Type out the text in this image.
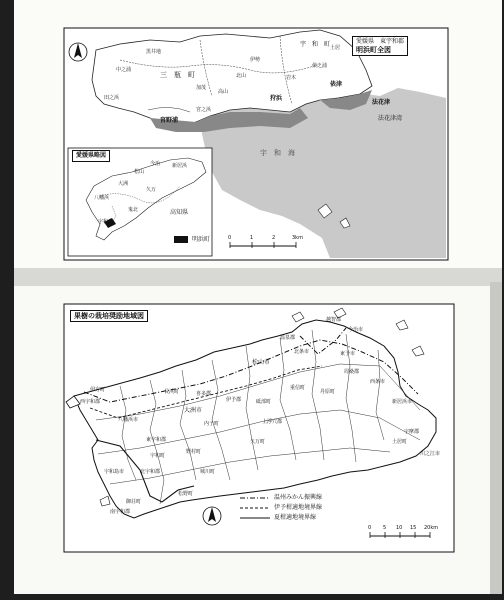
愛媛県　東宇和郡
明浜町全図
三　瓶　町
宇　和　町
宇　和　海
宮野浦
狩浜
俵津
法花津
法花津湾
中之浦
田之浜
加茂
高山
黒井地
伊勢
宮之浜
俵之浦
北山
土居
岩木
愛媛県略図
高知県
明浜町
大洲
八幡浜
宇和島
松山
今治 新居浜
鬼北
久万
0	1	2	3km
果樹の栽培奨励地域図
温州みかん振興線
伊予柑適地境界線
夏柑適地境界線
0 5 10 15 20km
松山市
温泉郡
大洲市
伊予郡
喜多郡
八幡浜市
西宇和郡
東宇和郡
北宇和郡
南宇和郡
宇和島市
上浮穴郡
今治市
越智郡
周桑郡
西条市
新居浜市
宇摩郡
川之江市
北条市
内子町
長浜町
伊方町
野村町
城川町
宇和町
久万町
砥部町
重信町
丹原町
東予市
松野町
御荘町
土居町
